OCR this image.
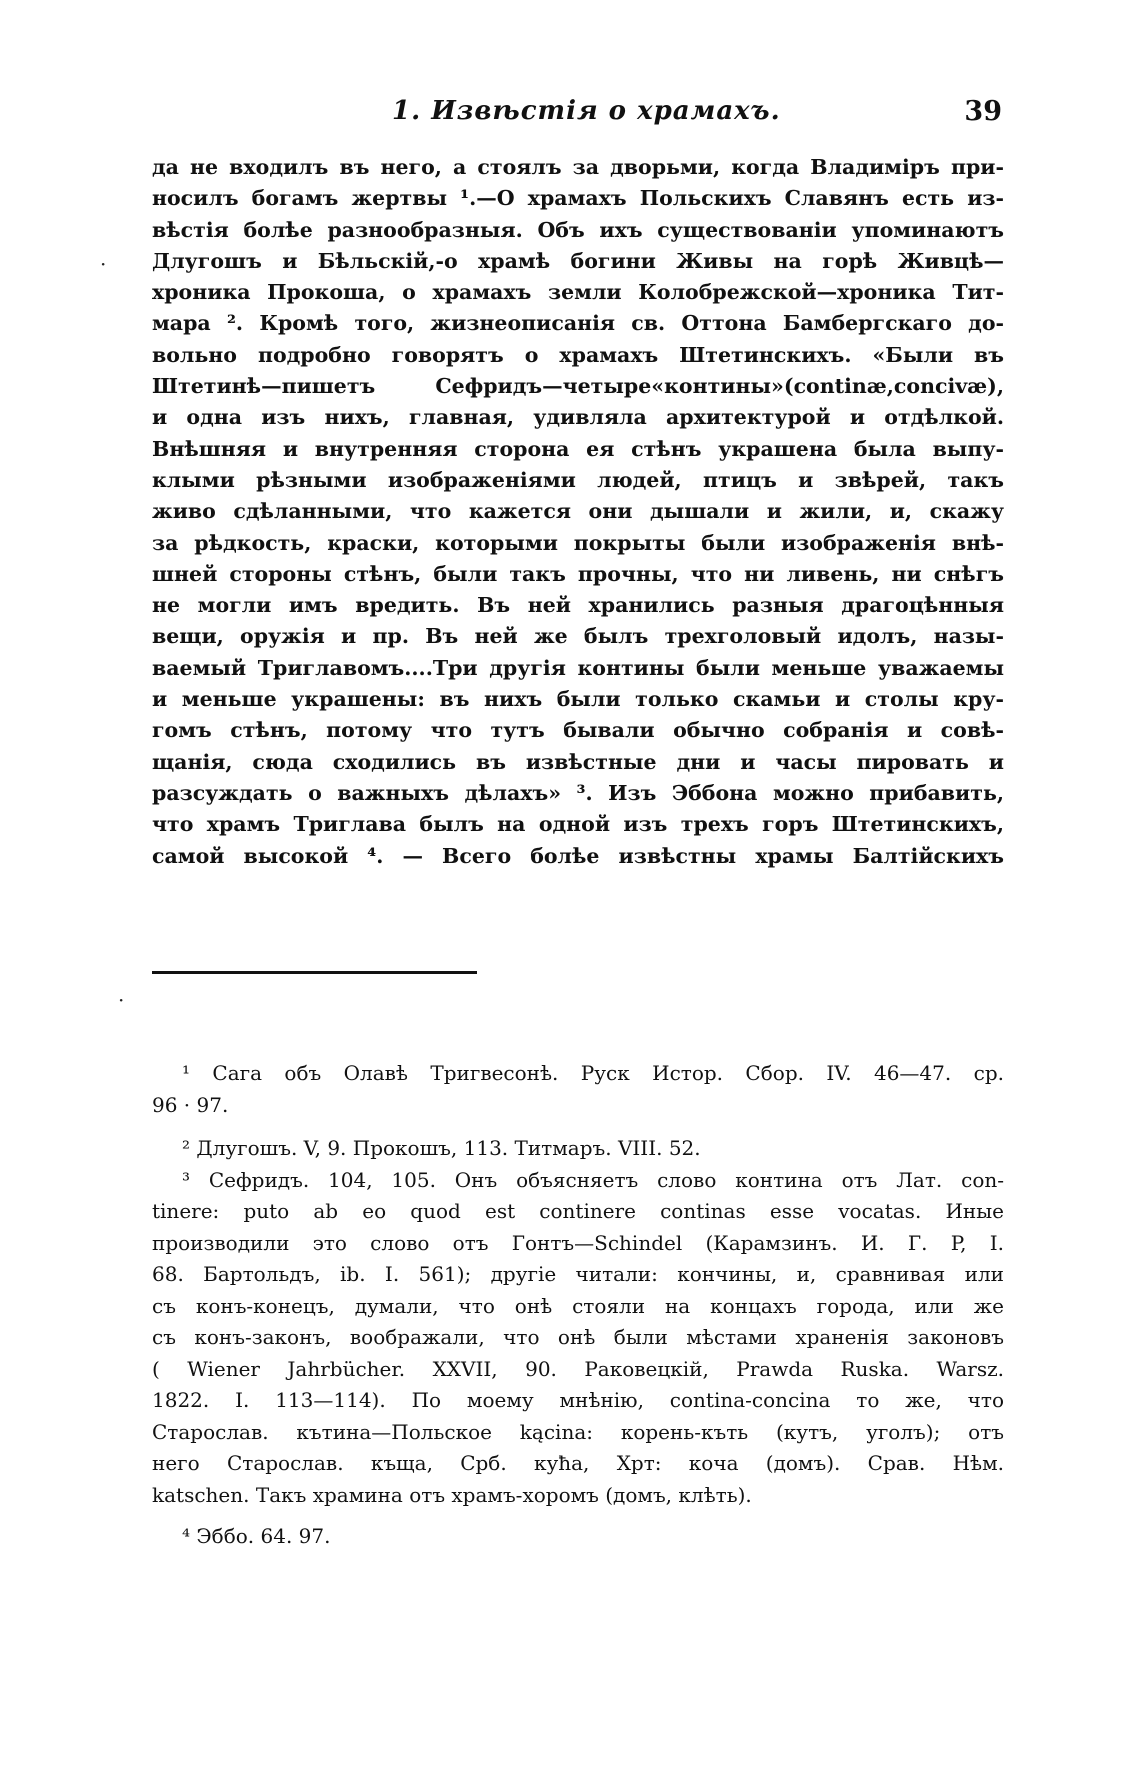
1. Извѣстія о храмахъ.	39
да не входилъ въ него, а стоялъ за дворьми, когда Владиміръ при-
носилъ богамъ жертвы ¹.—О храмахъ Польскихъ Славянъ есть из-
вѣстія болѣе разнообразныя. Объ ихъ существованіи упоминаютъ
Длугошъ и Бѣльскій,-о храмѣ богини Живы на горѣ Живцѣ—
хроника Прокоша, о храмахъ земли Колобрежской—хроника Тит-
мара ². Кромѣ того, жизнеописанія св. Оттона Бамбергскаго до-
вольно подробно говорятъ о храмахъ Штетинскихъ. «Были въ
Штетинѣ—пишетъ Сефридъ—четыре«контины»(continæ,concivæ),
и одна изъ нихъ, главная, удивляла архитектурой и отдѣлкой.
Внѣшняя и внутренняя сторона ея стѣнъ украшена была выпу-
клыми рѣзными изображеніями людей, птицъ и звѣрей, такъ
живо сдѣланными, что кажется они дышали и жили, и, скажу
за рѣдкость, краски, которыми покрыты были изображенія внѣ-
шней стороны стѣнъ, были такъ прочны, что ни ливень, ни снѣгъ
не могли имъ вредить. Въ ней хранились разныя драгоцѣнныя
вещи, оружія и пр. Въ ней же былъ трехголовый идолъ, назы-
ваемый Триглавомъ....Три другія контины были меньше уважаемы
и меньше украшены: въ нихъ были только скамьи и столы кру-
гомъ стѣнъ, потому что тутъ бывали обычно собранія и совѣ-
щанія, сюда сходились въ извѣстные дни и часы пировать и
разсуждать о важныхъ дѣлахъ» ³. Изъ Эббона можно прибавить,
что храмъ Триглава былъ на одной изъ трехъ горъ Штетинскихъ,
самой высокой ⁴. — Всего болѣе извѣстны храмы Балтійскихъ
·
·
¹ Сага объ Олавѣ Тригвесонѣ. Руск Истор. Сбор. IV. 46—47. ср.
96 · 97.
² Длугошъ. V, 9. Прокошъ, 113. Титмаръ. VIII. 52.
³ Сефридъ. 104, 105. Онъ объясняетъ слово контина отъ Лат. con-
tinere: puto ab eo quod est continere continas esse vocatas. Иные
производили это слово отъ Гонтъ—Schindel (Карамзинъ. И. Г. P, I.
68. Бартольдъ, ib. I. 561); другіе читали: кончины, и, сравнивая или
съ конъ-конецъ, думали, что онѣ стояли на концахъ города, или же
съ конъ-законъ, воображали, что онѣ были мѣстами храненія законовъ
( Wiener Jahrbücher. XXVII, 90. Раковецкій, Prawda Ruska. Warsz.
1822. I. 113—114). По моему мнѣнію, contina-concina то же, что
Старослав. кътина—Польское kącina: корень-къть (кутъ, уголъ); отъ
него Старослав. къща, Срб. куħа, Хрт: коча (домъ). Срав. Нѣм.
katschen. Такъ храмина отъ храмъ-хоромъ (домъ, клѣть).
⁴ Эббо. 64. 97.
